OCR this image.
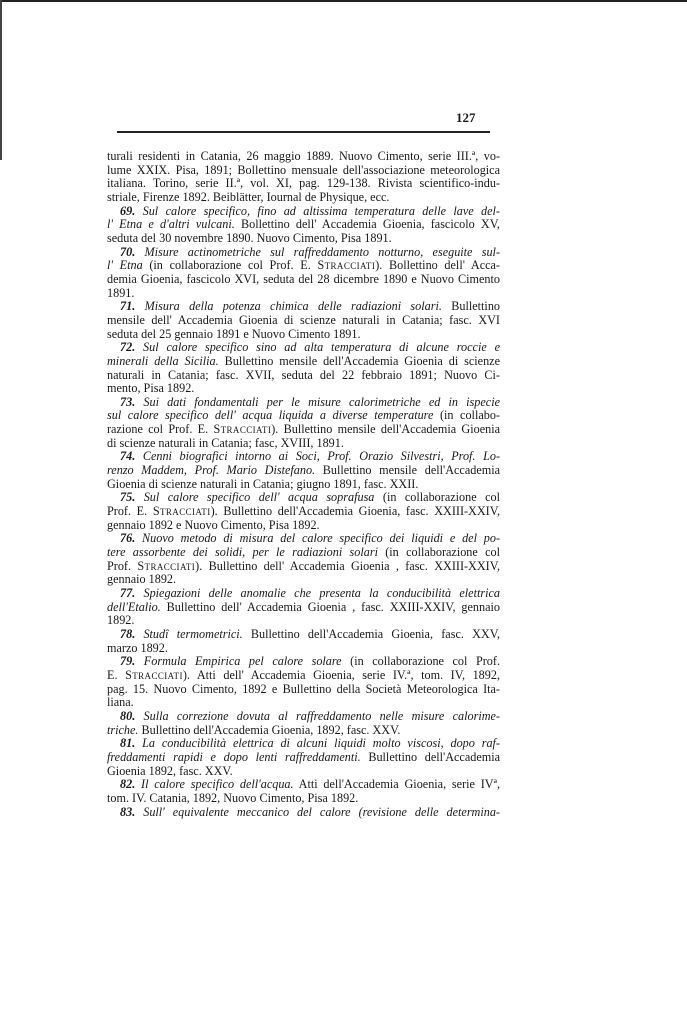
127
turali residenti in Catania, 26 maggio 1889. Nuovo Cimento, serie III.ª, vo-
lume XXIX. Pisa, 1891; Bollettino mensuale dell'associazione meteorologica
italiana. Torino, serie II.ª, vol. XI, pag. 129-138. Rivista scientifico-indu-
striale, Firenze 1892. Beiblätter, Iournal de Physique, ecc.
69. Sul calore specifico, fino ad altissima temperatura delle lave del-
l' Etna e d'altri vulcani. Bollettino dell' Accademia Gioenia, fascicolo XV,
seduta del 30 novembre 1890. Nuovo Cimento, Pisa 1891.
70. Misure actinometriche sul raffreddamento notturno, eseguite sul-
l' Etna (in collaborazione col Prof. E. Stracciati). Bollettino dell' Acca-
demia Gioenia, fascicolo XVI, seduta del 28 dicembre 1890 e Nuovo Cimento
1891.
71. Misura della potenza chimica delle radiazioni solari. Bullettino
mensile dell' Accademia Gioenia di scienze naturali in Catania; fasc. XVI
seduta del 25 gennaio 1891 e Nuovo Cimento 1891.
72. Sul calore specifico sino ad alta temperatura di alcune roccie e
minerali della Sicilia. Bullettino mensile dell'Accademia Gioenia di scienze
naturali in Catania; fasc. XVII, seduta del 22 febbraio 1891; Nuovo Ci-
mento, Pisa 1892.
73. Sui dati fondamentali per le misure calorimetriche ed in ispecie
sul calore specifico dell' acqua liquida a diverse temperature (in collabo-
razione col Prof. E. Stracciati). Bullettino mensile dell'Accademia Gioenia
di scienze naturali in Catania; fasc, XVIII, 1891.
74. Cenni biografici intorno ai Soci, Prof. Orazio Silvestri, Prof. Lo-
renzo Maddem, Prof. Mario Distefano. Bullettino mensile dell'Accademia
Gioenia di scienze naturali in Catania; giugno 1891, fasc. XXII.
75. Sul calore specifico dell' acqua soprafusa (in collaborazione col
Prof. E. Stracciati). Bullettino dell'Accademia Gioenia, fasc. XXIII-XXIV,
gennaio 1892 e Nuovo Cimento, Pisa 1892.
76. Nuovo metodo di misura del calore specifico dei liquidi e del po-
tere assorbente dei solidi, per le radiazioni solari (in collaborazione col
Prof. Stracciati). Bullettino dell' Accademia Gioenia , fasc. XXIII-XXIV,
gennaio 1892.
77. Spiegazioni delle anomalie che presenta la conducibilità elettrica
dell'Etalio. Bullettino dell' Accademia Gioenia , fasc. XXIII-XXIV, gennaio
1892.
78. Studî termometrici. Bullettino dell'Accademia Gioenia, fasc. XXV,
marzo 1892.
79. Formula Empirica pel calore solare (in collaborazione col Prof.
E. Stracciati). Atti dell' Accademia Gioenia, serie IV.ª, tom. IV, 1892,
pag. 15. Nuovo Cimento, 1892 e Bullettino della Società Meteorologica Ita-
liana.
80. Sulla correzione dovuta al raffreddamento nelle misure calorime-
triche. Bullettino dell'Accademia Gioenia, 1892, fasc. XXV.
81. La conducibilità elettrica di alcuni liquidi molto viscosi, dopo raf-
freddamenti rapidi e dopo lenti raffreddamenti. Bullettino dell'Accademia
Gioenia 1892, fasc. XXV.
82. Il calore specifico dell'acqua. Atti dell'Accademia Gioenia, serie IVª,
tom. IV. Catania, 1892, Nuovo Cimento, Pisa 1892.
83. Sull' equivalente meccanico del calore (revisione delle determina-
